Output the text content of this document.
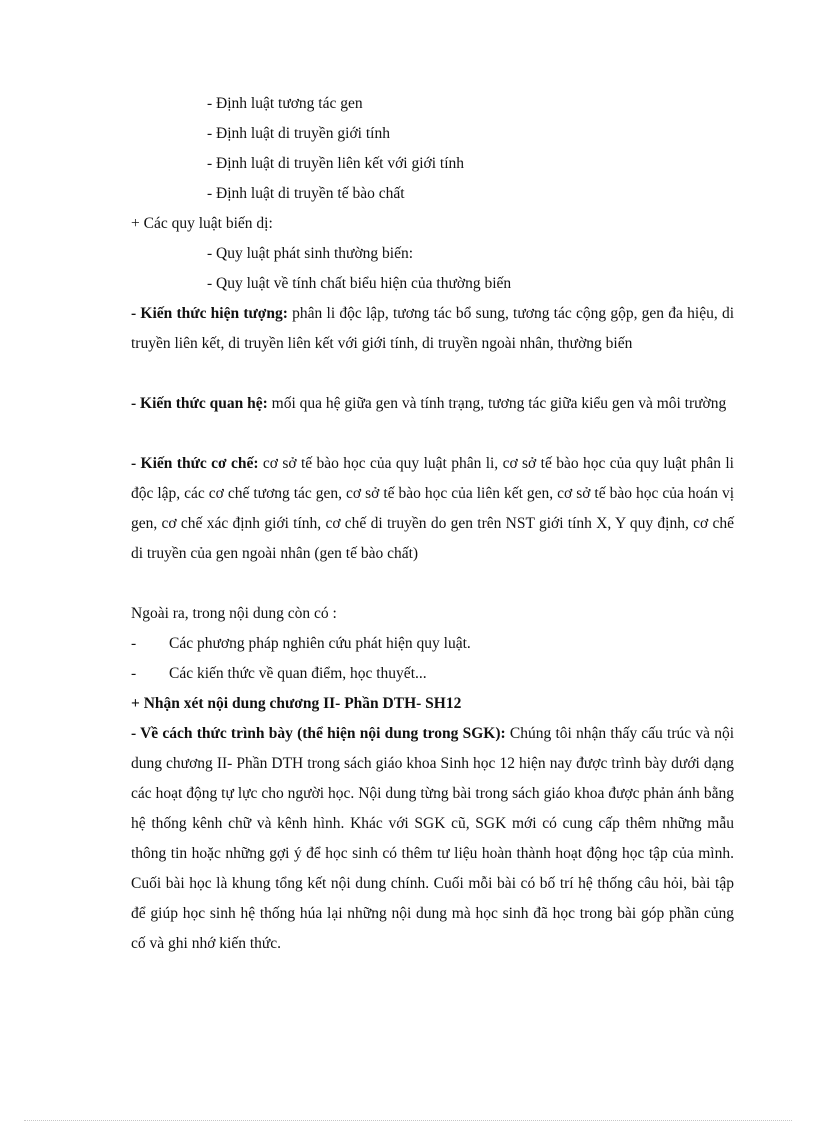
- Định luật tương tác gen
- Định luật di truyền giới tính
- Định luật di truyền liên kết với giới tính
- Định luật di truyền tế bào chất
+ Các quy luật biến dị:
- Quy luật phát sinh thường biến:
- Quy luật về tính chất biểu hiện của thường biến

- Kiến thức hiện tượng: phân li độc lập, tương tác bổ sung, tương tác cộng gộp, gen đa hiệu, di truyền liên kết, di truyền liên kết với giới tính, di truyền ngoài nhân, thường biến

- Kiến thức quan hệ: mối qua hệ giữa gen và tính trạng, tương tác giữa kiểu gen và môi trường

- Kiến thức cơ chế: cơ sở tế bào học của quy luật phân li, cơ sở tế bào học của quy luật phân li độc lập, các cơ chế tương tác gen, cơ sở tế bào học của liên kết gen, cơ sở tế bào học của hoán vị gen, cơ chế xác định giới tính, cơ chế di truyền do gen trên NST giới tính X, Y quy định, cơ chế di truyền của gen ngoài nhân (gen tế bào chất)

Ngoài ra, trong nội dung còn có :
- Các phương pháp nghiên cứu phát hiện quy luật.
- Các kiến thức về quan điểm, học thuyết...
+ Nhận xét nội dung chương II- Phần DTH- SH12

- Về cách thức trình bày (thể hiện nội dung trong SGK): Chúng tôi nhận thấy cấu trúc và nội dung chương II- Phần DTH trong sách giáo khoa Sinh học 12 hiện nay được trình bày dưới dạng các hoạt động tự lực cho người học. Nội dung từng bài trong sách giáo khoa được phản ánh bằng hệ thống kênh chữ và kênh hình. Khác với SGK cũ, SGK mới có cung cấp thêm những mẫu thông tin hoặc những gợi ý để học sinh có thêm tư liệu hoàn thành hoạt động học tập của mình. Cuối bài học là khung tổng kết nội dung chính. Cuối mỗi bài có bố trí hệ thống câu hỏi, bài tập để giúp học sinh hệ thống húa lại những nội dung mà học sinh đã học trong bài góp phần củng cố và ghi nhớ kiến thức.
